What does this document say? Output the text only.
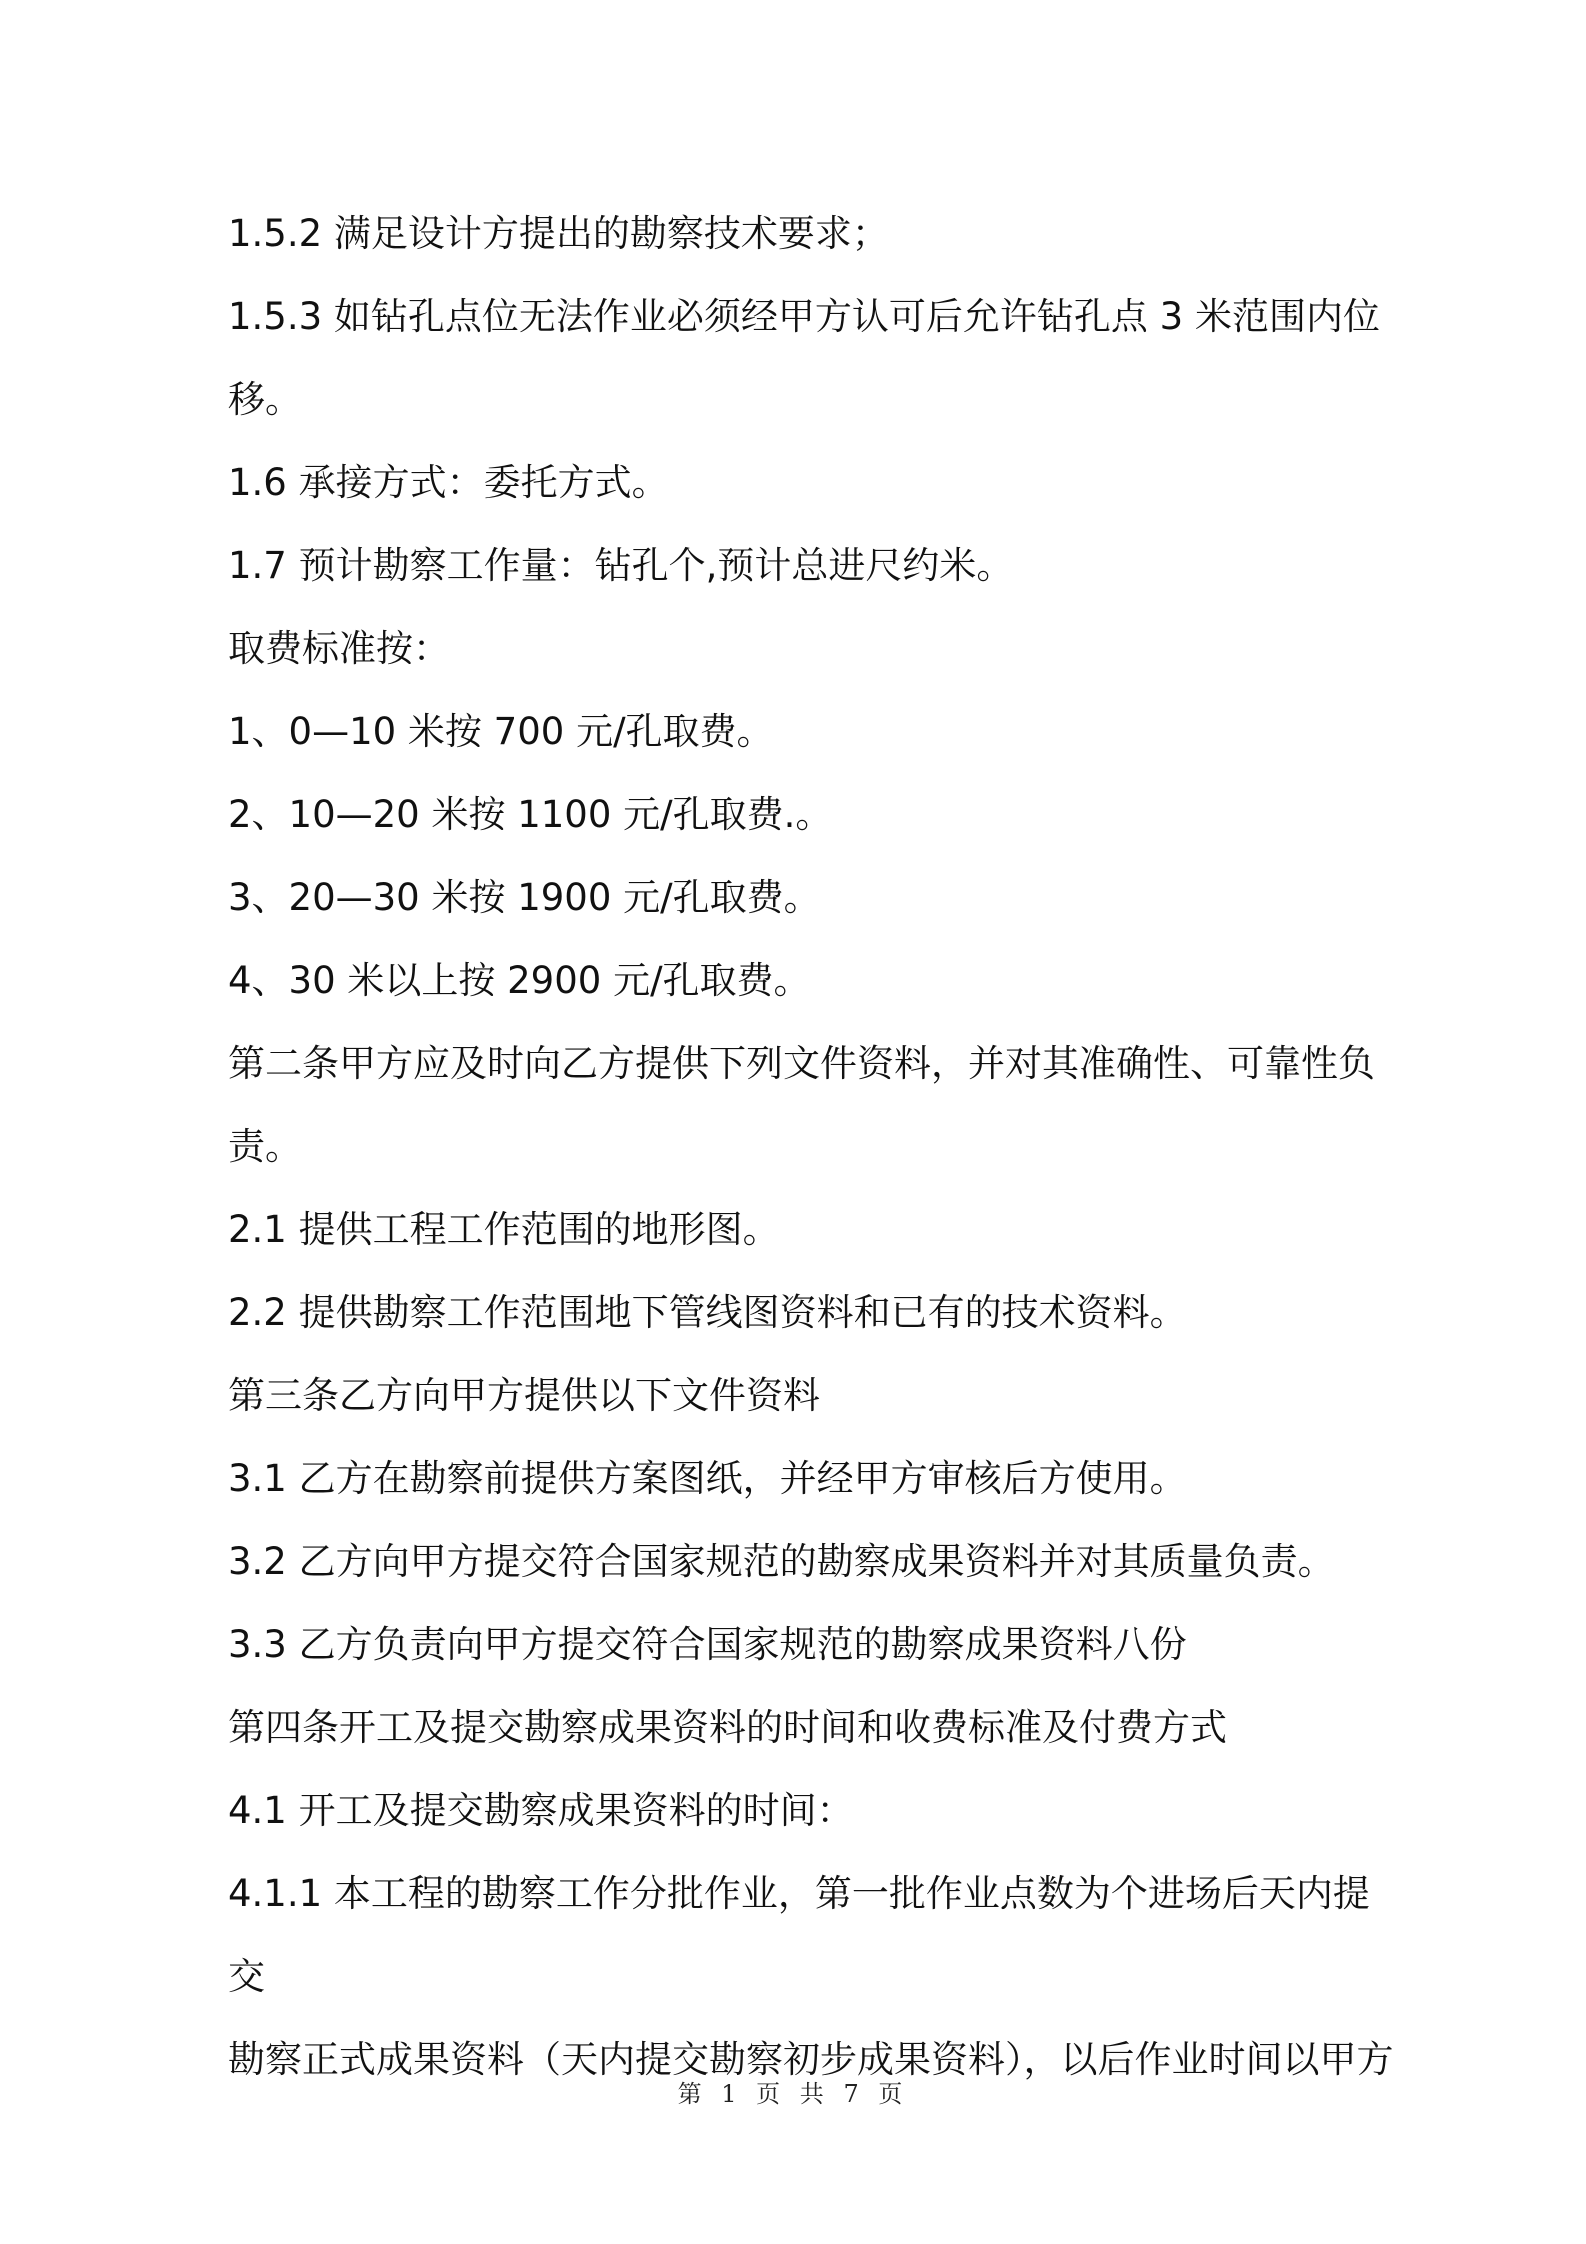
1.5.2 满足设计方提出的勘察技术要求；

1.5.3 如钻孔点位无法作业必须经甲方认可后允许钻孔点 3 米范围内位

移。

1.6 承接方式：委托方式。

1.7 预计勘察工作量：钻孔个,预计总进尺约米。

取费标准按：

1、0—10 米按 700 元/孔取费。

2、10—20 米按 1100 元/孔取费.。

3、20—30 米按 1900 元/孔取费。

4、30 米以上按 2900 元/孔取费。

第二条甲方应及时向乙方提供下列文件资料，并对其准确性、可靠性负

责。

2.1 提供工程工作范围的地形图。

2.2 提供勘察工作范围地下管线图资料和已有的技术资料。

第三条乙方向甲方提供以下文件资料

3.1 乙方在勘察前提供方案图纸，并经甲方审核后方使用。

3.2 乙方向甲方提交符合国家规范的勘察成果资料并对其质量负责。

3.3 乙方负责向甲方提交符合国家规范的勘察成果资料八份

第四条开工及提交勘察成果资料的时间和收费标准及付费方式

4.1 开工及提交勘察成果资料的时间：

4.1.1 本工程的勘察工作分批作业，第一批作业点数为个进场后天内提交

勘察正式成果资料（天内提交勘察初步成果资料），以后作业时间以甲方

第 1 页 共 7 页
